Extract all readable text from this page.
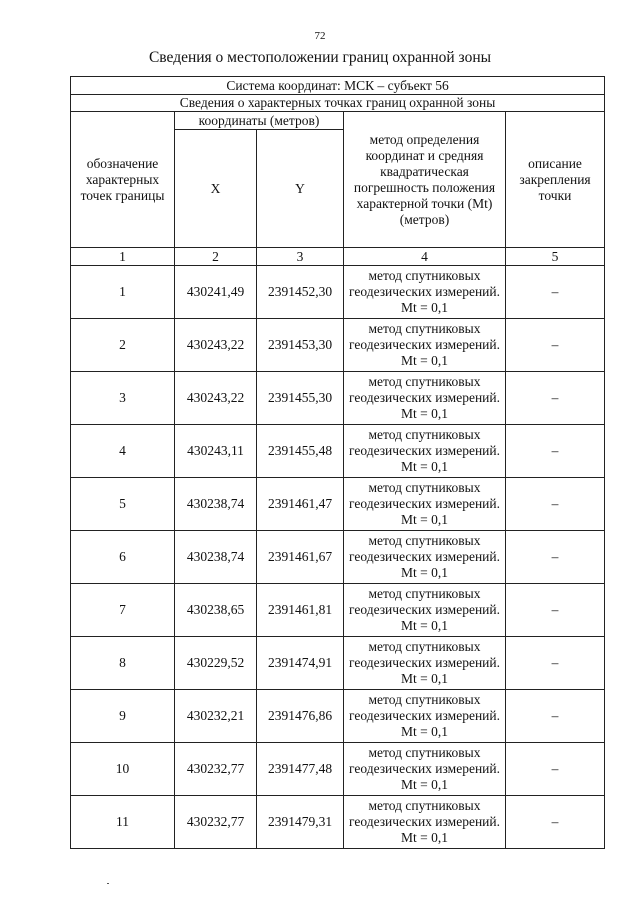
72
Сведения о местоположении границ охранной зоны
Система координат: МСК – субъект 56				
Сведения о характерных точках границ охранной зоны				
обозначение характерных точек границы	координаты (метров)		метод определения координат и средняя квадратическая погрешность положения характерной точки (Mt) (метров)	описание закрепления точки
	X	Y		
1	2	3	4	5
1	430241,49	2391452,30	метод спутниковых геодезических измерений. Mt = 0,1	–
2	430243,22	2391453,30	метод спутниковых геодезических измерений. Mt = 0,1	–
3	430243,22	2391455,30	метод спутниковых геодезических измерений. Mt = 0,1	–
4	430243,11	2391455,48	метод спутниковых геодезических измерений. Mt = 0,1	–
5	430238,74	2391461,47	метод спутниковых геодезических измерений. Mt = 0,1	–
6	430238,74	2391461,67	метод спутниковых геодезических измерений. Mt = 0,1	–
7	430238,65	2391461,81	метод спутниковых геодезических измерений. Mt = 0,1	–
8	430229,52	2391474,91	метод спутниковых геодезических измерений. Mt = 0,1	–
9	430232,21	2391476,86	метод спутниковых геодезических измерений. Mt = 0,1	–
10	430232,77	2391477,48	метод спутниковых геодезических измерений. Mt = 0,1	–
11	430232,77	2391479,31	метод спутниковых геодезических измерений. Mt = 0,1	–
